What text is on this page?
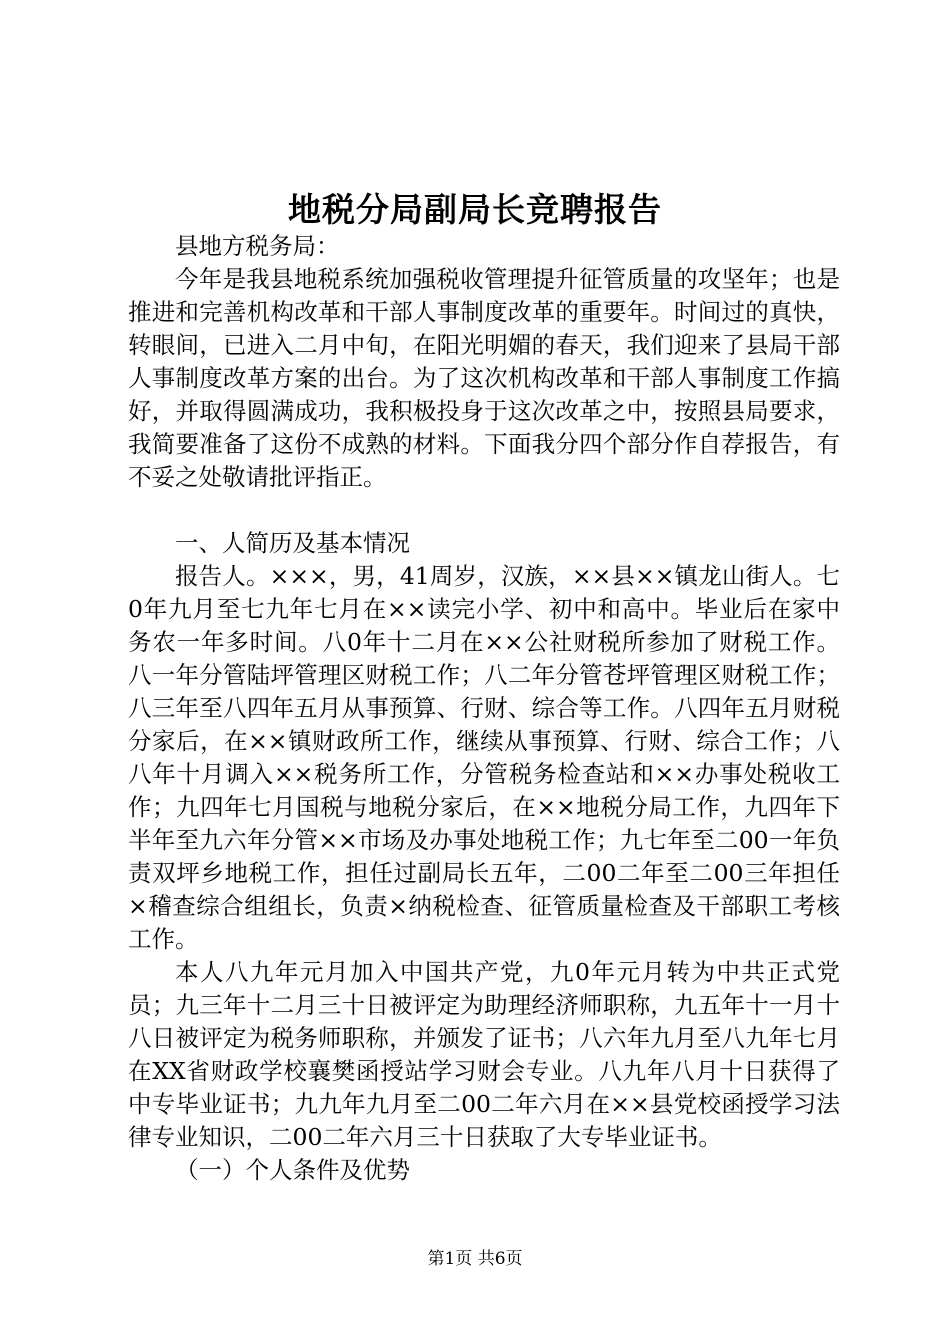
地税分局副局长竞聘报告

县地方税务局：

今年是我县地税系统加强税收管理提升征管质量的攻坚年；也是推进和完善机构改革和干部人事制度改革的重要年。时间过的真快，转眼间，已进入二月中旬，在阳光明媚的春天，我们迎来了县局干部人事制度改革方案的出台。为了这次机构改革和干部人事制度工作搞好，并取得圆满成功，我积极投身于这次改革之中，按照县局要求，我简要准备了这份不成熟的材料。下面我分四个部分作自荐报告，有不妥之处敬请批评指正。

一、人简历及基本情况

报告人。×××，男，41周岁，汉族，××县××镇龙山街人。七0年九月至七九年七月在××读完小学、初中和高中。毕业后在家中务农一年多时间。八0年十二月在××公社财税所参加了财税工作。八一年分管陆坪管理区财税工作；八二年分管苍坪管理区财税工作；八三年至八四年五月从事预算、行财、综合等工作。八四年五月财税分家后，在××镇财政所工作，继续从事预算、行财、综合工作；八八年十月调入××税务所工作，分管税务检查站和××办事处税收工作；九四年七月国税与地税分家后，在××地税分局工作，九四年下半年至九六年分管××市场及办事处地税工作；九七年至二00一年负责双坪乡地税工作，担任过副局长五年，二00二年至二00三年担任×稽查综合组组长，负责×纳税检查、征管质量检查及干部职工考核工作。

本人八九年元月加入中国共产党，九0年元月转为中共正式党员；九三年十二月三十日被评定为助理经济师职称，九五年十一月十八日被评定为税务师职称，并颁发了证书；八六年九月至八九年七月在XX省财政学校襄樊函授站学习财会专业。八九年八月十日获得了中专毕业证书；九九年九月至二00二年六月在××县党校函授学习法律专业知识，二00二年六月三十日获取了大专毕业证书。

（一）个人条件及优势

第1页 共6页
